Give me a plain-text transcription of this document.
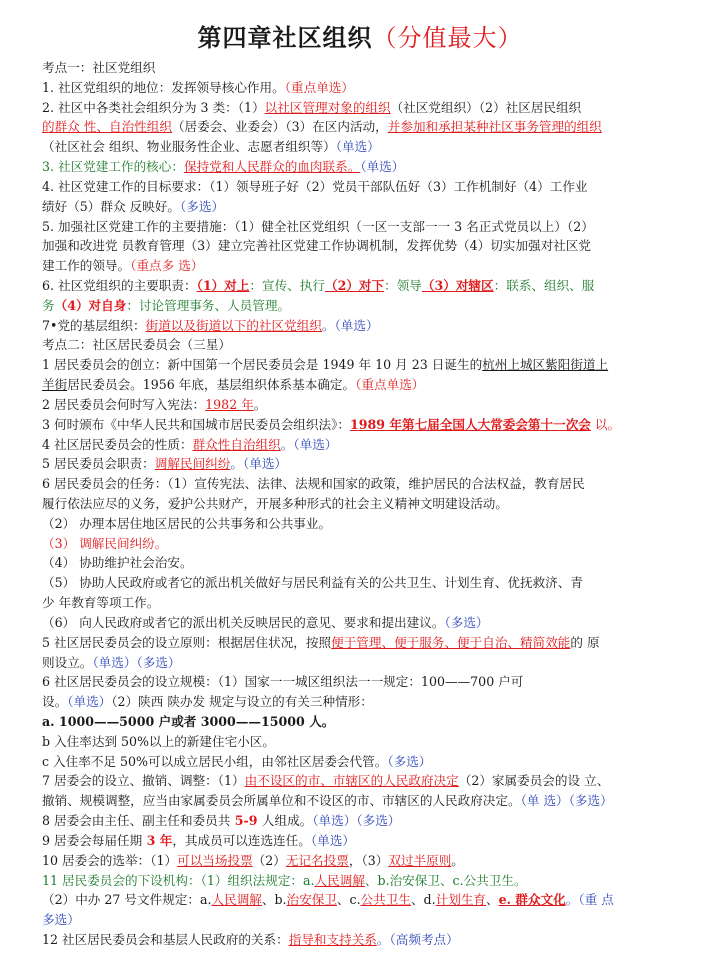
第四章社区组织（分值最大）
考点一：社区党组织
1. 社区党组织的地位：发挥领导核心作用。（重点单选）
2. 社区中各类社会组织分为 3 类：（1）以社区管理对象的组织（社区党组织）（2）社区居民组织
的群众 性、自治性组织（居委会、业委会）（3）在区内活动，并参加和承担某种社区事务管理的组织
（社区社会 组织、物业服务性企业、志愿者组织等）（单选）
3. 社区党建工作的核心：保持党和人民群众的血肉联系。（单选）
4. 社区党建工作的目标要求：（1）领导班子好（2）党员干部队伍好（3）工作机制好（4）工作业
绩好（5）群众 反映好。（多选）
5. 加强社区党建工作的主要措施：（1）健全社区党组织（一区一支部一一 3 名正式党员以上）（2）
加强和改进党 员教育管理（3）建立完善社区党建工作协调机制，发挥优势（4）切实加强对社区党
建工作的领导。（重点多 选）
6. 社区党组织的主要职责：（1）对上：宣传、执行（2）对下：领导（3）对辖区：联系、组织、服
务（4）对自身：讨论管理事务、人员管理。
7•党的基层组织：街道以及街道以下的社区党组织。（单选）
考点二：社区居民委员会（三星）
1 居民委员会的创立：新中国第一个居民委员会是 1949 年 10 月 23 日诞生的杭州上城区紫阳街道上
羊街居民委员会。1956 年底，基层组织体系基本确定。（重点单选）
2 居民委员会何时写入宪法：1982 年。
3 何时颁布《中华人民共和国城市居民委员会组织法》：1989 年第七届全国人大常委会第十一次会 以。
4 社区居民委员会的性质：群众性自治组织。（单选）
5 居民委员会职责：调解民间纠纷。（单选）
6 居民委员会的任务：（1）宣传宪法、法律、法规和国家的政策，维护居民的合法权益，教育居民
履行依法应尽的义务，爱护公共财产，开展多种形式的社会主义精神文明建设活动。
（2） 办理本居住地区居民的公共事务和公共事业。
（3） 调解民间纠纷。
（4） 协助维护社会治安。
（5） 协助人民政府或者它的派出机关做好与居民利益有关的公共卫生、计划生育、优抚救济、青
少 年教育等项工作。
（6） 向人民政府或者它的派出机关反映居民的意见、要求和提出建议。（多选）
5 社区居民委员会的设立原则：根据居住状况，按照便于管理、便于服务、便于自治、精简效能的 原
则设立。（单选）（多选）
6 社区居民委员会的设立规模：（1）国家一一城区组织法一一规定：100——700 户可
设。（单选）（2）陕西 陕办发 规定与设立的有关三种情形：
a. 1000——5000 户或者 3000——15000 人。
b 入住率达到 50%以上的新建住宅小区。
c 入住率不足 50%可以成立居民小组，由邻社区居委会代管。（多选）
7 居委会的设立、撤销、调整：（1）由不设区的市、市辖区的人民政府决定（2）家属委员会的设 立、
撤销、规模调整，应当由家属委员会所属单位和不设区的市、市辖区的人民政府决定。（单 选）（多选）
8 居委会由主任、副主任和委员共 5-9 人组成。（单选）（多选）
9 居委会每届任期 3 年，其成员可以连选连任。（单选）
10 居委会的选举：（1）可以当场投票（2）无记名投票，（3）双过半原则。
11 居民委员会的下设机构：（1）组织法规定：a.人民调解、b.治安保卫、c.公共卫生。
（2）中办 27 号文件规定：a.人民调解、b.治安保卫、c.公共卫生、d.计划生育、e. 群众文化。（重 点
多选）
12 社区居民委员会和基层人民政府的关系：指导和支持关系。（高频考点）
